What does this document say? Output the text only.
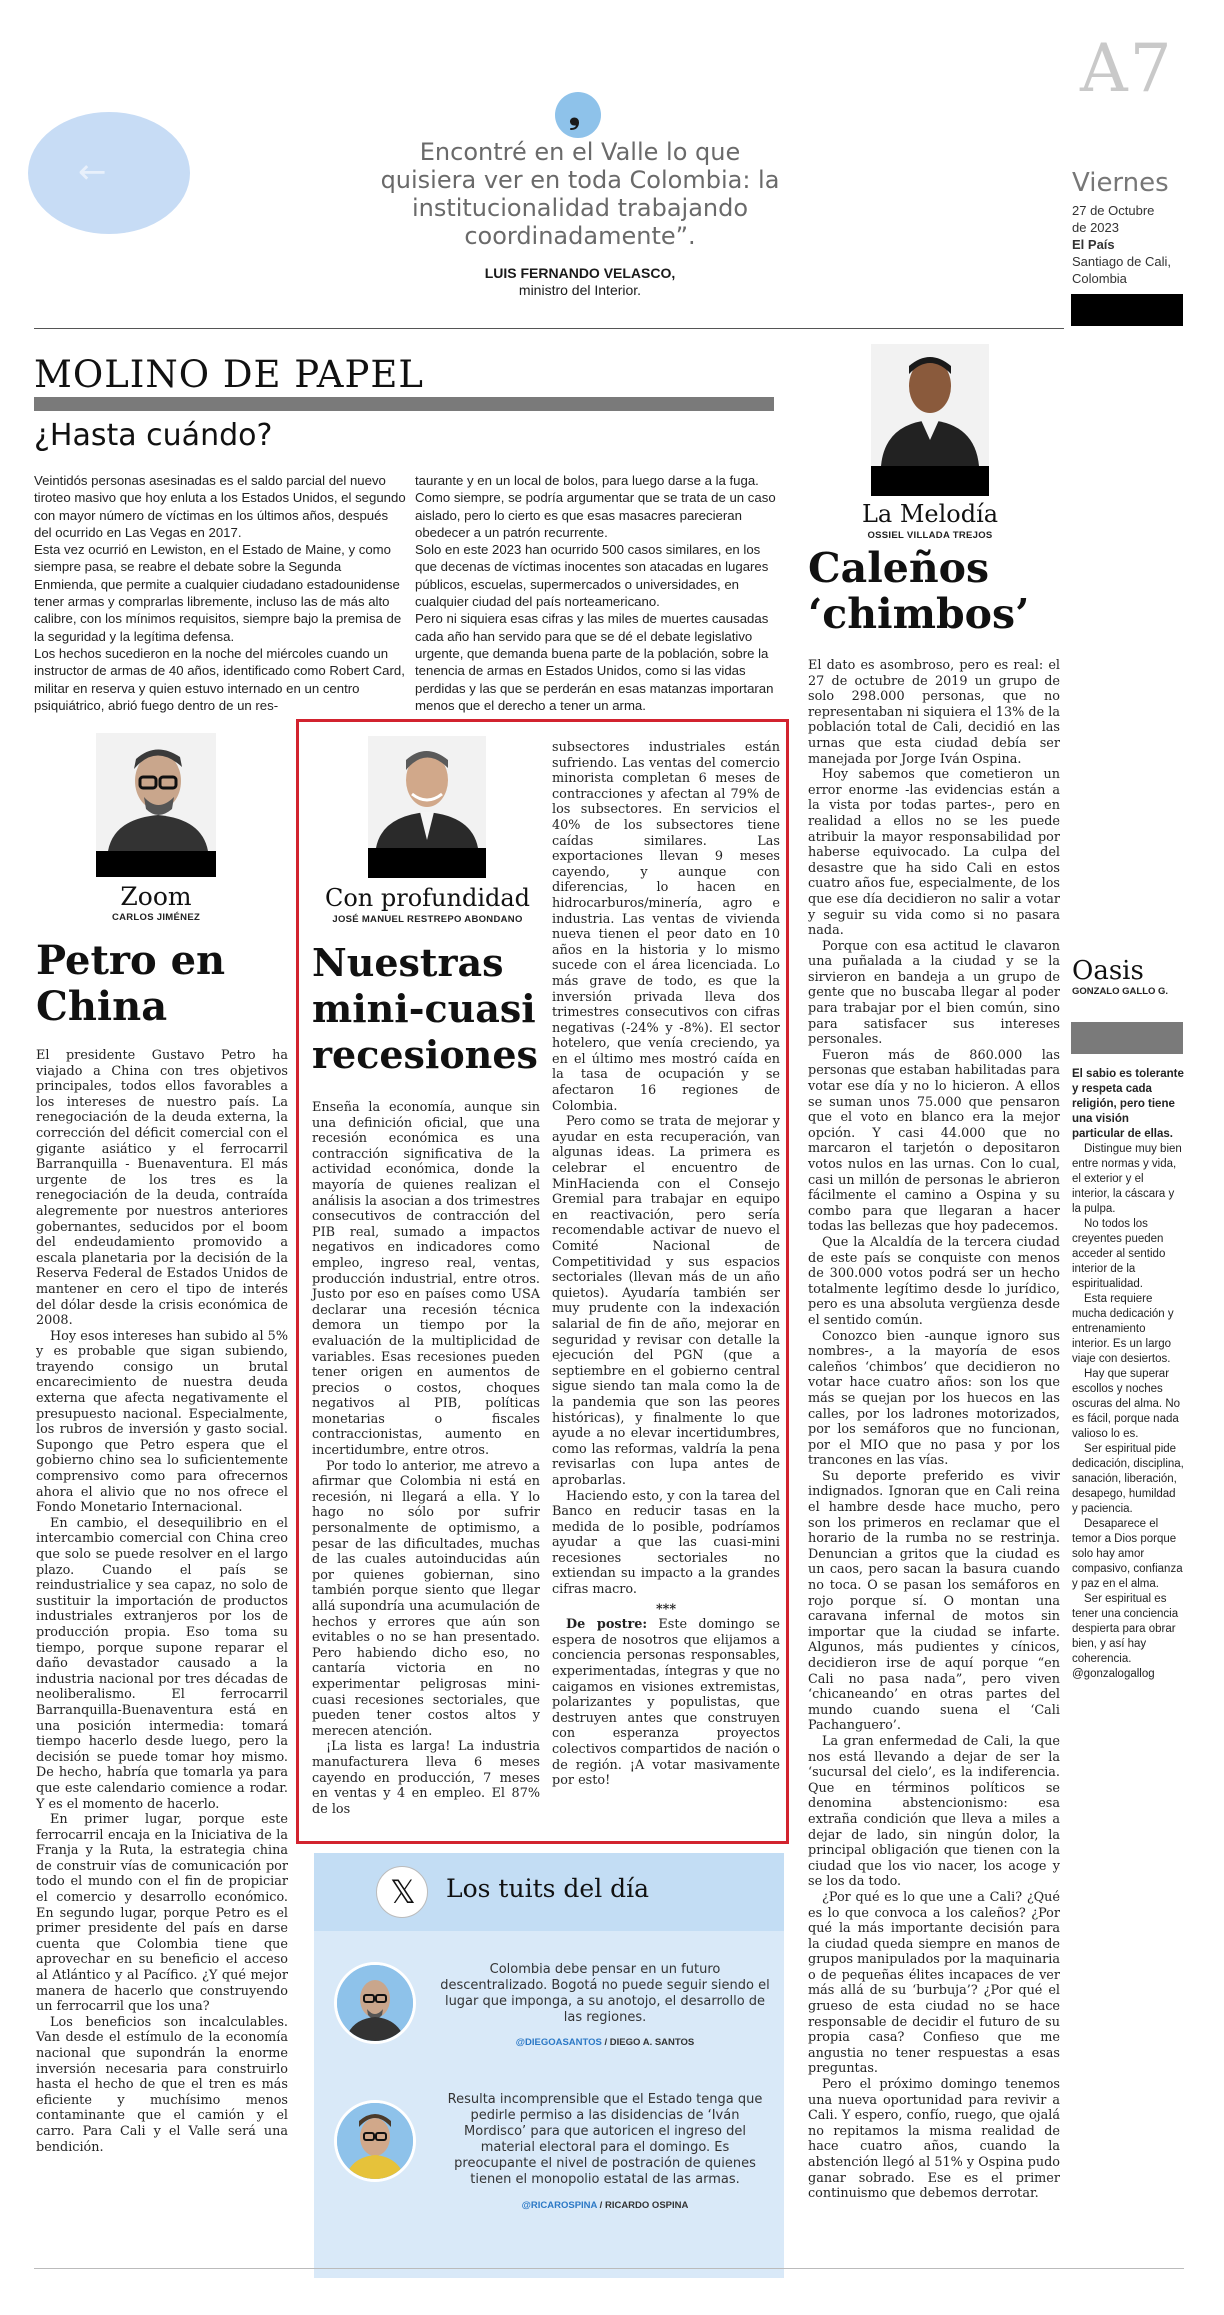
A7
←
❟
Encontré en el Valle lo que quisiera ver en toda Colombia: la institucionalidad trabajando coordinadamente”.
LUIS FERNANDO VELASCO,
ministro del Interior.
Viernes
27 de Octubre
de 2023
El País
Santiago de Cali,
Colombia
MOLINO DE PAPEL
¿Hasta cuándo?

Veintidós personas asesinadas es el saldo parcial del nuevo tiroteo masivo que hoy enluta a los Estados Unidos, el segundo con mayor número de víctimas en los últimos años, después del ocurrido en Las Vegas en 2017.

Esta vez ocurrió en Lewiston, en el Estado de Maine, y como siempre pasa, se reabre el debate sobre la Segunda Enmienda, que permite a cualquier ciudadano estadounidense tener armas y comprarlas libremente, incluso las de más alto calibre, con los mínimos requisitos, siempre bajo la premisa de la seguridad y la legítima defensa.

Los hechos sucedieron en la noche del miércoles cuando un instructor de armas de 40 años, identificado como Robert Card, militar en reserva y quien estuvo internado en un centro psiquiátrico, abrió fuego dentro de un res-

taurante y en un local de bolos, para luego darse a la fuga. Como siempre, se podría argumentar que se trata de un caso aislado, pero lo cierto es que esas masacres parecieran obedecer a un patrón recurrente.

Solo en este 2023 han ocurrido 500 casos similares, en los que decenas de víctimas inocentes son atacadas en lugares públicos, escuelas, supermercados o universidades, en cualquier ciudad del país norteamericano.

Pero ni siquiera esas cifras y las miles de muertes causadas cada año han servido para que se dé el debate legislativo urgente, que demanda buena parte de la población, sobre la tenencia de armas en Estados Unidos, como si las vidas perdidas y las que se perderán en esas matanzas importaran menos que el derecho a tener un arma.

La Melodía
OSSIEL VILLADA TREJOS
Caleños ‘chimbos’

El dato es asombroso, pero es real: el 27 de octubre de 2019 un grupo de solo 298.000 personas, que no representaban ni siquiera el 13% de la población total de Cali, decidió en las urnas que esta ciudad debía ser manejada por Jorge Iván Ospina.

Hoy sabemos que cometieron un error enorme -las evidencias están a la vista por todas partes-, pero en realidad a ellos no se les puede atribuir la mayor responsabilidad por haberse equivocado. La culpa del desastre que ha sido Cali en estos cuatro años fue, especialmente, de los que ese día decidieron no salir a votar y seguir su vida como si no pasara nada.

Porque con esa actitud le clavaron una puñalada a la ciudad y se la sirvieron en bandeja a un grupo de gente que no buscaba llegar al poder para trabajar por el bien común, sino para satisfacer sus intereses personales.

Fueron más de 860.000 las personas que estaban habilitadas para votar ese día y no lo hicieron. A ellos se suman unos 75.000 que pensaron que el voto en blanco era la mejor opción. Y casi 44.000 que no marcaron el tarjetón o depositaron votos nulos en las urnas. Con lo cual, casi un millón de personas le abrieron fácilmente el camino a Ospina y su combo para que llegaran a hacer todas las bellezas que hoy padecemos.

Que la Alcaldía de la tercera ciudad de este país se conquiste con menos de 300.000 votos podrá ser un hecho totalmente legítimo desde lo jurídico, pero es una absoluta vergüenza desde el sentido común.

Conozco bien -aunque ignoro sus nombres-, a la mayoría de esos caleños ‘chimbos’ que decidieron no votar hace cuatro años: son los que más se quejan por los huecos en las calles, por los ladrones motorizados, por los semáforos que no funcionan, por el MIO que no pasa y por los trancones en las vías.

Su deporte preferido es vivir indignados. Ignoran que en Cali reina el hambre desde hace mucho, pero son los primeros en reclamar que el horario de la rumba no se restrinja. Denuncian a gritos que la ciudad es un caos, pero sacan la basura cuando no toca. O se pasan los semáforos en rojo porque sí. O montan una caravana infernal de motos sin importar que la ciudad se infarte. Algunos, más pudientes y cínicos, decidieron irse de aquí porque “en Cali no pasa nada”, pero viven ‘chicaneando’ en otras partes del mundo cuando suena el ‘Cali Pachanguero’.

La gran enfermedad de Cali, la que nos está llevando a dejar de ser la ‘sucursal del cielo’, es la indiferencia. Que en términos políticos se denomina abstencionismo: esa extraña condición que lleva a miles a dejar de lado, sin ningún dolor, la principal obligación que tienen con la ciudad que los vio nacer, los acoge y se los da todo.

¿Por qué es lo que une a Cali? ¿Qué es lo que convoca a los caleños? ¿Por qué la más importante decisión para la ciudad queda siempre en manos de grupos manipulados por la maquinaria o de pequeñas élites incapaces de ver más allá de su ‘burbuja’? ¿Por qué el grueso de esta ciudad no se hace responsable de decidir el futuro de su propia casa? Confieso que me angustia no tener respuestas a esas preguntas.

Pero el próximo domingo tenemos una nueva oportunidad para revivir a Cali. Y espero, confío, ruego, que ojalá no repitamos la misma realidad de hace cuatro años, cuando la abstención llegó al 51% y Ospina pudo ganar sobrado. Ese es el primer continuismo que debemos derrotar.

Zoom
CARLOS JIMÉNEZ
Petro en China

El presidente Gustavo Petro ha viajado a China con tres objetivos principales, todos ellos favorables a los intereses de nuestro país. La renegociación de la deuda externa, la corrección del déficit comercial con el gigante asiático y el ferrocarril Barranquilla - Buenaventura. El más urgente de los tres es la renegociación de la deuda, contraída alegremente por nuestros anteriores gobernantes, seducidos por el boom del endeudamiento promovido a escala planetaria por la decisión de la Reserva Federal de Estados Unidos de mantener en cero el tipo de interés del dólar desde la crisis económica de 2008.

Hoy esos intereses han subido al 5% y es probable que sigan subiendo, trayendo consigo un brutal encarecimiento de nuestra deuda externa que afecta negativamente el presupuesto nacional. Especialmente, los rubros de inversión y gasto social. Supongo que Petro espera que el gobierno chino sea lo suficientemente comprensivo como para ofrecernos ahora el alivio que no nos ofrece el Fondo Monetario Internacional.

En cambio, el desequilibrio en el intercambio comercial con China creo que solo se puede resolver en el largo plazo. Cuando el país se reindustrialice y sea capaz, no solo de sustituir la importación de productos industriales extranjeros por los de producción propia. Eso toma su tiempo, porque supone reparar el daño devastador causado a la industria nacional por tres décadas de neoliberalismo. El ferrocarril Barranquilla-Buenaventura está en una posición intermedia: tomará tiempo hacerlo desde luego, pero la decisión se puede tomar hoy mismo. De hecho, habría que tomarla ya para que este calendario comience a rodar. Y es el momento de hacerlo.

En primer lugar, porque este ferrocarril encaja en la Iniciativa de la Franja y la Ruta, la estrategia china de construir vías de comunicación por todo el mundo con el fin de propiciar el comercio y desarrollo económico. En segundo lugar, porque Petro es el primer presidente del país en darse cuenta que Colombia tiene que aprovechar en su beneficio el acceso al Atlántico y al Pacífico. ¿Y qué mejor manera de hacerlo que construyendo un ferrocarril que los una?

Los beneficios son incalculables. Van desde el estímulo de la economía nacional que supondrán la enorme inversión necesaria para construirlo hasta el hecho de que el tren es más eficiente y muchísimo menos contaminante que el camión y el carro. Para Cali y el Valle será una bendición.

Con profundidad
JOSÉ MANUEL RESTREPO ABONDANO
Nuestras mini-cuasi recesiones

Enseña la economía, aunque sin una definición oficial, que una recesión económica es una contracción significativa de la actividad económica, donde la mayoría de quienes realizan el análisis la asocian a dos trimestres consecutivos de contracción del PIB real, sumado a impactos negativos en indicadores como empleo, ingreso real, ventas, producción industrial, entre otros. Justo por eso en países como USA declarar una recesión técnica demora un tiempo por la evaluación de la multiplicidad de variables. Esas recesiones pueden tener origen en aumentos de precios o costos, choques negativos al PIB, políticas monetarias o fiscales contraccionistas, aumento en incertidumbre, entre otros.

Por todo lo anterior, me atrevo a afirmar que Colombia ni está en recesión, ni llegará a ella. Y lo hago no sólo por sufrir personalmente de optimismo, a pesar de las dificultades, muchas de las cuales autoinducidas aún por quienes gobiernan, sino también porque siento que llegar allá supondría una acumulación de hechos y errores que aún son evitables o no se han presentado. Pero habiendo dicho eso, no cantaría victoria en no experimentar peligrosas mini-cuasi recesiones sectoriales, que pueden tener costos altos y merecen atención.

¡La lista es larga! La industria manufacturera lleva 6 meses cayendo en producción, 7 meses en ventas y 4 en empleo. El 87% de los

subsectores industriales están sufriendo. Las ventas del comercio minorista completan 6 meses de contracciones y afectan al 79% de los subsectores. En servicios el 40% de los subsectores tiene caídas similares. Las exportaciones llevan 9 meses cayendo, y aunque con diferencias, lo hacen en hidrocarburos/minería, agro e industria. Las ventas de vivienda nueva tienen el peor dato en 10 años en la historia y lo mismo sucede con el área licenciada. Lo más grave de todo, es que la inversión privada lleva dos trimestres consecutivos con cifras negativas (-24% y -8%). El sector hotelero, que venía creciendo, ya en el último mes mostró caída en la tasa de ocupación y se afectaron 16 regiones de Colombia.

Pero como se trata de mejorar y ayudar en esta recuperación, van algunas ideas. La primera es celebrar el encuentro de MinHacienda con el Consejo Gremial para trabajar en equipo en reactivación, pero sería recomendable activar de nuevo el Comité Nacional de Competitividad y sus espacios sectoriales (llevan más de un año quietos). Ayudaría también ser muy prudente con la indexación salarial de fin de año, mejorar en seguridad y revisar con detalle la ejecución del PGN (que a septiembre en el gobierno central sigue siendo tan mala como la de la pandemia que son las peores históricas), y finalmente lo que ayude a no elevar incertidumbres, como las reformas, valdría la pena revisarlas con lupa antes de aprobarlas.

Haciendo esto, y con la tarea del Banco en reducir tasas en la medida de lo posible, podríamos ayudar a que las cuasi-mini recesiones sectoriales no extiendan su impacto a la grandes cifras macro.

***

De postre: Este domingo se espera de nosotros que elijamos a conciencia personas responsables, experimentadas, íntegras y que no caigamos en visiones extremistas, polarizantes y populistas, que destruyen antes que construyen con esperanza proyectos colectivos compartidos de nación o de región. ¡A votar masivamente por esto!

𝕏 Los tuits del día
Colombia debe pensar en un futuro descentralizado. Bogotá no puede seguir siendo el lugar que imponga, a su anotojo, el desarrollo de las regiones.
@DIEGOASANTOS / DIEGO A. SANTOS
Resulta incomprensible que el Estado tenga que pedirle permiso a las disidencias de ‘Iván Mordisco’ para que autoricen el ingreso del material electoral para el domingo. Es preocupante el nivel de postración de quienes tienen el monopolio estatal de las armas.
@RICAROSPINA / RICARDO OSPINA
Oasis
GONZALO GALLO G.

El sabio es tolerante y respeta cada religión, pero tiene una visión particular de ellas.

Distingue muy bien entre normas y vida, el exterior y el interior, la cáscara y la pulpa.

No todos los creyentes pueden acceder al sentido interior de la espiritualidad.

Esta requiere mucha dedicación y entrenamiento interior. Es un largo viaje con desiertos.

Hay que superar escollos y noches oscuras del alma. No es fácil, porque nada valioso lo es.

Ser espiritual pide dedicación, disciplina, sanación, liberación, desapego, humildad y paciencia.

Desaparece el temor a Dios porque solo hay amor compasivo, confianza y paz en el alma.

Ser espiritual es tener una conciencia despierta para obrar bien, y así hay coherencia.

@gonzalogallog
